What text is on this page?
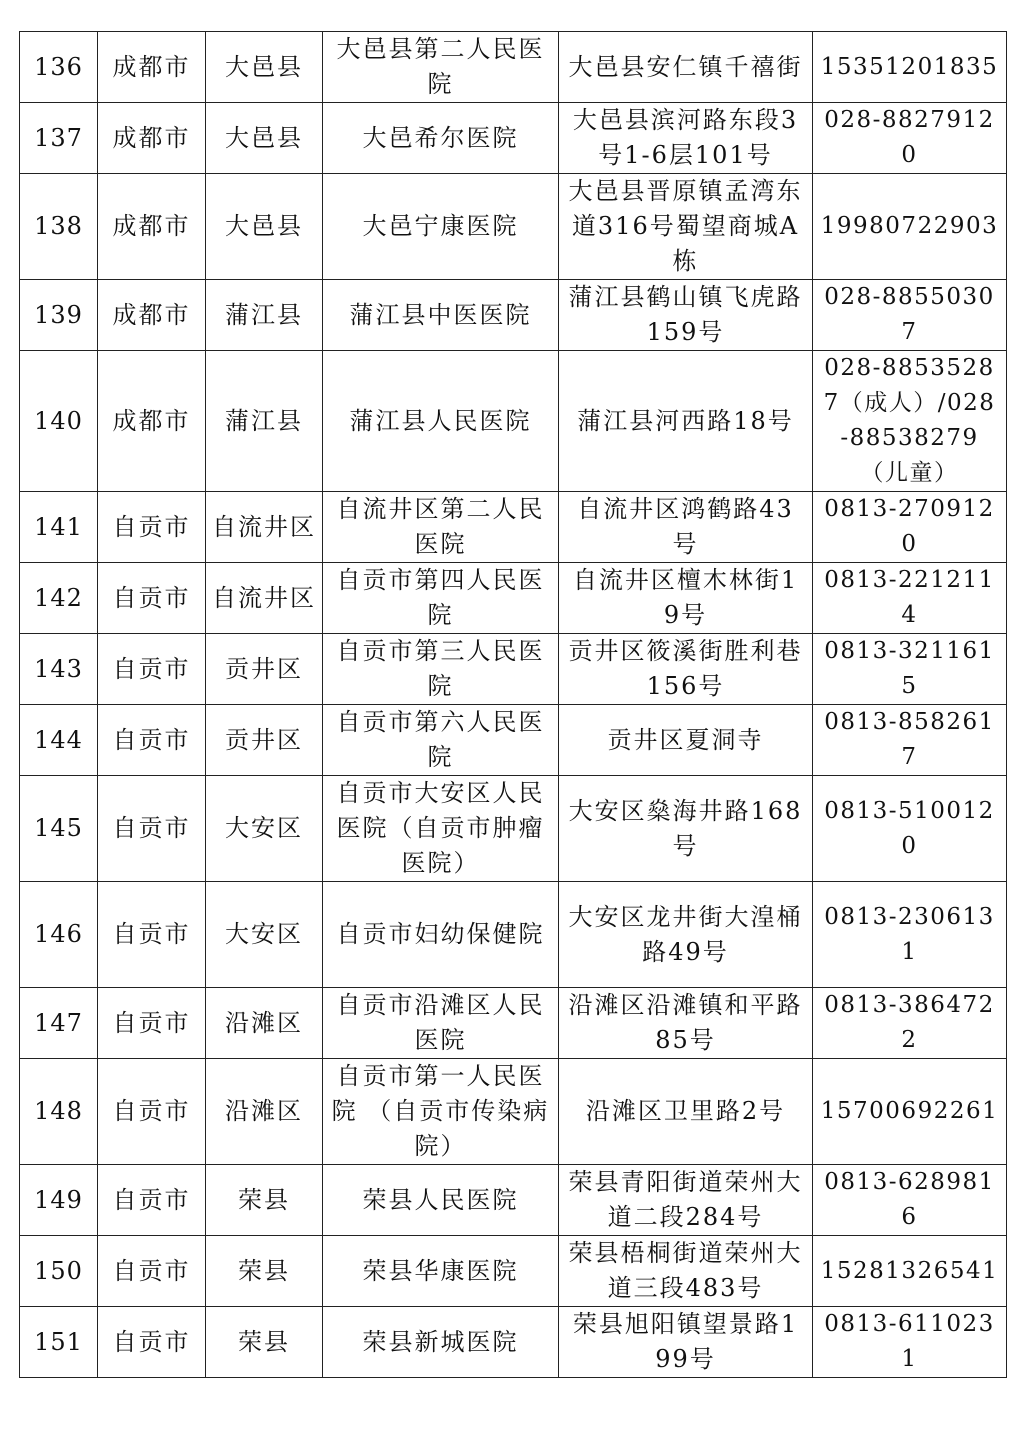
136	成都市	大邑县	大邑县第二人民医院	大邑县安仁镇千禧街	15351201835
137	成都市	大邑县	大邑希尔医院	大邑县滨河路东段3号1-6层101号	028-88279120
138	成都市	大邑县	大邑宁康医院	大邑县晋原镇孟湾东道316号蜀望商城A栋	19980722903
139	成都市	蒲江县	蒲江县中医医院	蒲江县鹤山镇飞虎路159号	028-88550307
140	成都市	蒲江县	蒲江县人民医院	蒲江县河西路18号	028-88535287（成人）/028-88538279（儿童）
141	自贡市	自流井区	自流井区第二人民医院	自流井区鸿鹤路43号	0813-2709120
142	自贡市	自流井区	自贡市第四人民医院	自流井区檀木林街19号	0813-2212114
143	自贡市	贡井区	自贡市第三人民医院	贡井区筱溪街胜利巷156号	0813-3211615
144	自贡市	贡井区	自贡市第六人民医院	贡井区夏洞寺	0813-8582617
145	自贡市	大安区	自贡市大安区人民医院（自贡市肿瘤医院）	大安区燊海井路168号	0813-5100120
146	自贡市	大安区	自贡市妇幼保健院	大安区龙井街大湟桶路49号	0813-2306131
147	自贡市	沿滩区	自贡市沿滩区人民医院	沿滩区沿滩镇和平路85号	0813-3864722
148	自贡市	沿滩区	自贡市第一人民医院 （自贡市传染病院）	沿滩区卫里路2号	15700692261
149	自贡市	荣县	荣县人民医院	荣县青阳街道荣州大道二段284号	0813-6289816
150	自贡市	荣县	荣县华康医院	荣县梧桐街道荣州大道三段483号	15281326541
151	自贡市	荣县	荣县新城医院	荣县旭阳镇望景路199号	0813-6110231
